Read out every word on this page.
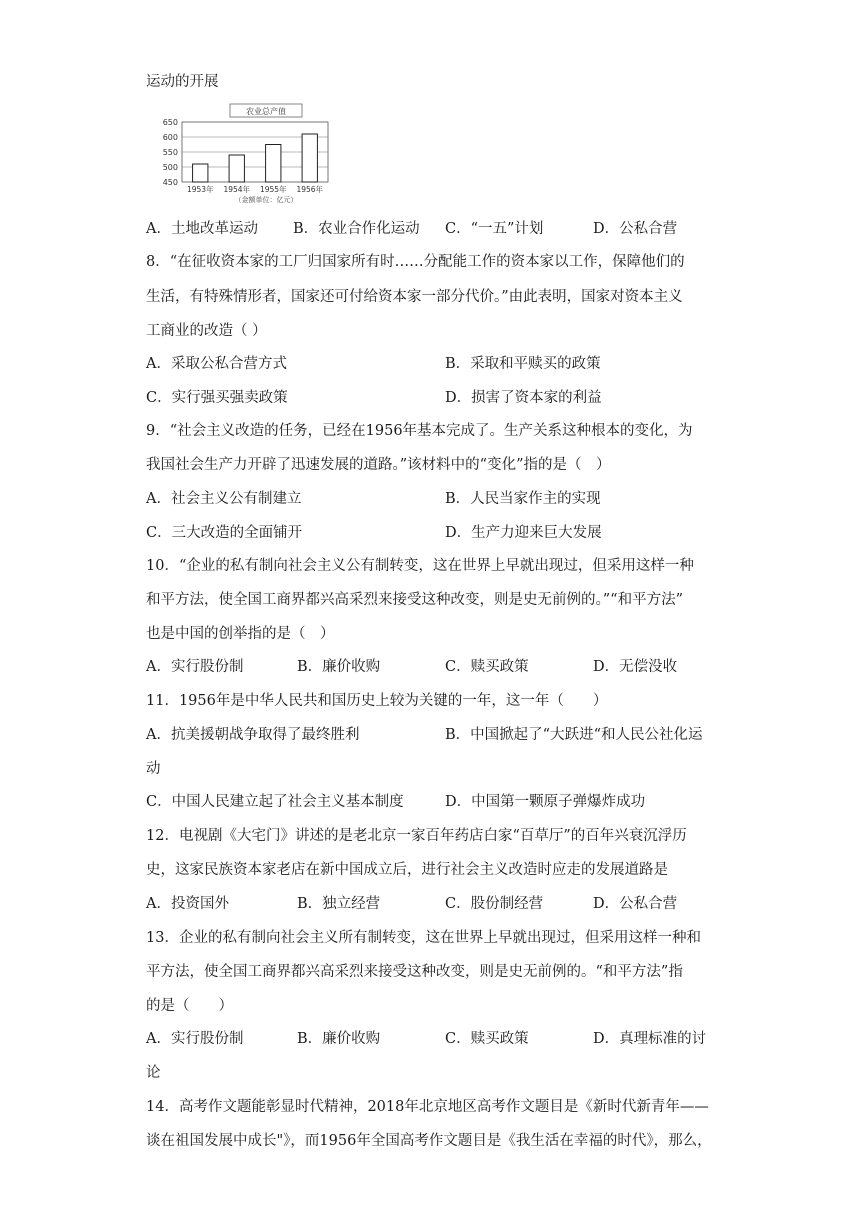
运动的开展
650
600
550
500
450
1953年 1954年 1955年 1956年
农业总产值
（金额单位：亿元）
A．土地改革运动 B．农业合作化运动 C．“一五”计划	D．公私合营
8．“在征收资本家的工厂归国家所有时……分配能工作的资本家以工作，保障他们的
生活，有特殊情形者，国家还可付给资本家一部分代价。”由此表明，国家对资本主义
工商业的改造（ ）
A．采取公私合营方式	B．采取和平赎买的政策
C．实行强买强卖政策	D．损害了资本家的利益
9．“社会主义改造的任务，已经在1956年基本完成了。生产关系这种根本的变化，为
我国社会生产力开辟了迅速发展的道路。”该材料中的“变化”指的是（　）
A．社会主义公有制建立	B．人民当家作主的实现
C．三大改造的全面铺开	D．生产力迎来巨大发展
10．“企业的私有制向社会主义公有制转变，这在世界上早就出现过，但采用这样一种
和平方法，使全国工商界都兴高采烈来接受这种改变，则是史无前例的。”“和平方法”
也是中国的创举指的是（　）
A．实行股份制	B．廉价收购	C．赎买政策	D．无偿没收
11．1956年是中华人民共和国历史上较为关键的一年，这一年（　　）
A．抗美援朝战争取得了最终胜利	B．中国掀起了“大跃进“和人民公社化运
动
C．中国人民建立起了社会主义基本制度	D．中国第一颗原子弹爆炸成功
12．电视剧《大宅门》讲述的是老北京一家百年药店白家“百草厅”的百年兴衰沉浮历
史，这家民族资本家老店在新中国成立后，进行社会主义改造时应走的发展道路是
A．投资国外	B．独立经营	C．股份制经营	D．公私合营
13．企业的私有制向社会主义所有制转变，这在世界上早就出现过，但采用这样一种和
平方法，使全国工商界都兴高采烈来接受这种改变，则是史无前例的。“和平方法”指
的是（　　）
A．实行股份制	B．廉价收购	C．赎买政策	D．真理标准的讨
论
14．高考作文题能彰显时代精神，2018年北京地区高考作文题目是《新时代新青年——
谈在祖国发展中成长"》，而1956年全国高考作文题目是《我生活在幸福的时代》，那么，
